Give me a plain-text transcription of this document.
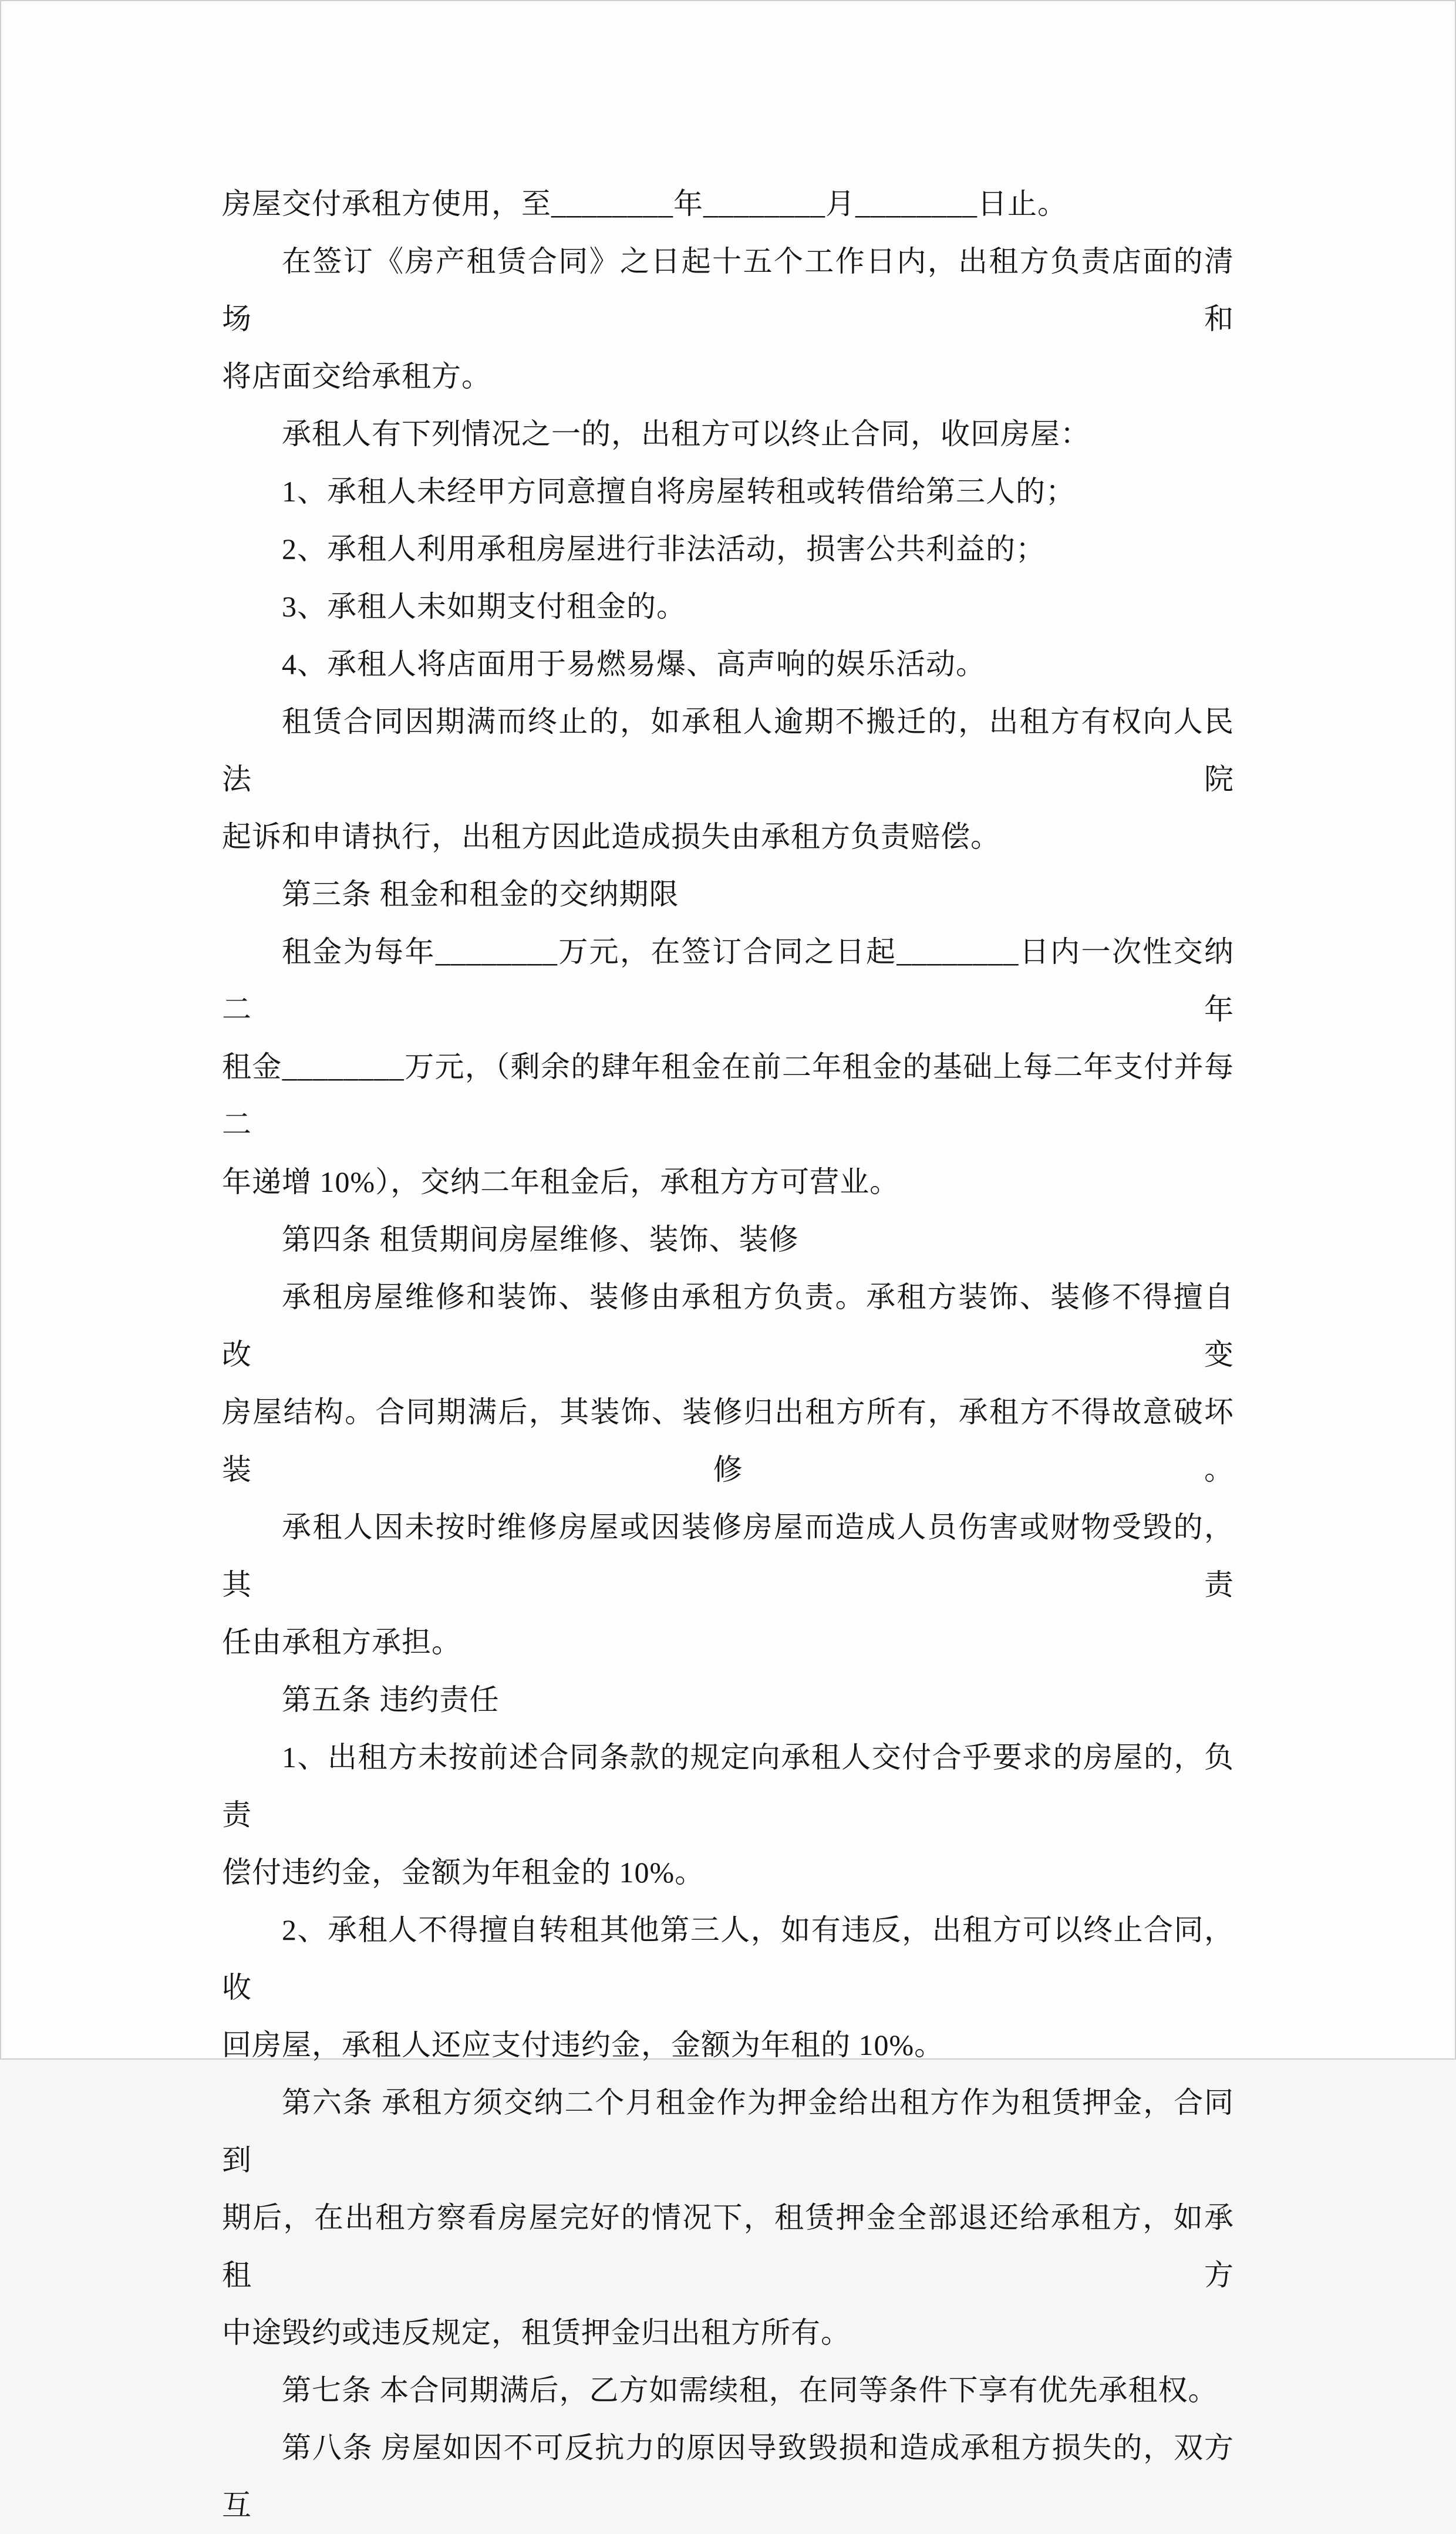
房屋交付承租方使用，至________年________月________日止。
在签订《房产租赁合同》之日起十五个工作日内，出租方负责店面的清场和
将店面交给承租方。
承租人有下列情况之一的，出租方可以终止合同，收回房屋：
1、承租人未经甲方同意擅自将房屋转租或转借给第三人的；
2、承租人利用承租房屋进行非法活动，损害公共利益的；
3、承租人未如期支付租金的。
4、承租人将店面用于易燃易爆、高声响的娱乐活动。
租赁合同因期满而终止的，如承租人逾期不搬迁的，出租方有权向人民法院
起诉和申请执行，出租方因此造成损失由承租方负责赔偿。
第三条 租金和租金的交纳期限
租金为每年________万元，在签订合同之日起________日内一次性交纳二年
租金________万元，（剩余的肆年租金在前二年租金的基础上每二年支付并每二
年递增 10%），交纳二年租金后，承租方方可营业。
第四条 租赁期间房屋维修、装饰、装修
承租房屋维修和装饰、装修由承租方负责。承租方装饰、装修不得擅自改变
房屋结构。合同期满后，其装饰、装修归出租方所有，承租方不得故意破坏装修。
承租人因未按时维修房屋或因装修房屋而造成人员伤害或财物受毁的，其责
任由承租方承担。
第五条 违约责任
1、出租方未按前述合同条款的规定向承租人交付合乎要求的房屋的，负责
偿付违约金，金额为年租金的 10%。
2、承租人不得擅自转租其他第三人，如有违反，出租方可以终止合同，收
回房屋，承租人还应支付违约金，金额为年租的 10%。
第六条 承租方须交纳二个月租金作为押金给出租方作为租赁押金，合同到
期后，在出租方察看房屋完好的情况下，租赁押金全部退还给承租方，如承租方
中途毁约或违反规定，租赁押金归出租方所有。
第七条 本合同期满后，乙方如需续租，在同等条件下享有优先承租权。
第八条 房屋如因不可反抗力的原因导致毁损和造成承租方损失的，双方互
